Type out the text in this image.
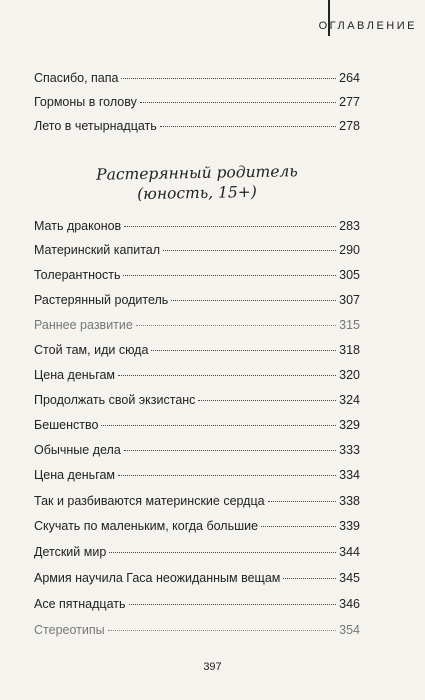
ОГЛАВЛЕНИЕ
Спасибо, папа	264
Гормоны в голову	277
Лето в четырнадцать	278
Растерянный родитель
(юность, 15+)
Мать драконов	283
Материнский капитал	290
Толерантность	305
Растерянный родитель	307
Раннее развитие	315
Стой там, иди сюда	318
Цена деньгам	320
Продолжать свой экзистанс	324
Бешенство	329
Обычные дела	333
Цена деньгам	334
Так и разбиваются материнские сердца	338
Скучать по маленьким, когда большие	339
Детский мир	344
Армия научила Гаса неожиданным вещам	345
Асе пятнадцать	346
Стереотипы	354
397
